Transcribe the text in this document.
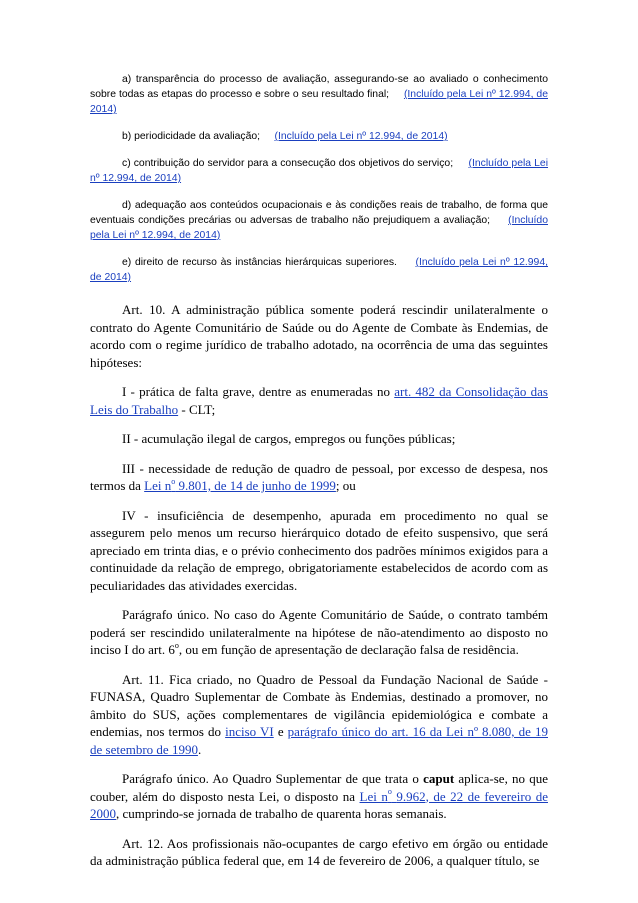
a) transparência do processo de avaliação, assegurando-se ao avaliado o conhecimento sobre todas as etapas do processo e sobre o seu resultado final; (Incluído pela Lei nº 12.994, de 2014)

b) periodicidade da avaliação; (Incluído pela Lei nº 12.994, de 2014)

c) contribuição do servidor para a consecução dos objetivos do serviço; (Incluído pela Lei nº 12.994, de 2014)

d) adequação aos conteúdos ocupacionais e às condições reais de trabalho, de forma que eventuais condições precárias ou adversas de trabalho não prejudiquem a avaliação; (Incluído pela Lei nº 12.994, de 2014)

e) direito de recurso às instâncias hierárquicas superiores. (Incluído pela Lei nº 12.994, de 2014)

Art. 10. A administração pública somente poderá rescindir unilateralmente o contrato do Agente Comunitário de Saúde ou do Agente de Combate às Endemias, de acordo com o regime jurídico de trabalho adotado, na ocorrência de uma das seguintes hipóteses:

I - prática de falta grave, dentre as enumeradas no art. 482 da Consolidação das Leis do Trabalho - CLT;

II - acumulação ilegal de cargos, empregos ou funções públicas;

III - necessidade de redução de quadro de pessoal, por excesso de despesa, nos termos da Lei $n^o$ 9.801, de 14 de junho de 1999; ou

IV - insuficiência de desempenho, apurada em procedimento no qual se assegurem pelo menos um recurso hierárquico dotado de efeito suspensivo, que será apreciado em trinta dias, e o prévio conhecimento dos padrões mínimos exigidos para a continuidade da relação de emprego, obrigatoriamente estabelecidos de acordo com as peculiaridades das atividades exercidas.

Parágrafo único. No caso do Agente Comunitário de Saúde, o contrato também poderá ser rescindido unilateralmente na hipótese de não-atendimento ao disposto no inciso I do art. 6$^o$, ou em função de apresentação de declaração falsa de residência.

Art. 11. Fica criado, no Quadro de Pessoal da Fundação Nacional de Saúde - FUNASA, Quadro Suplementar de Combate às Endemias, destinado a promover, no âmbito do SUS, ações complementares de vigilância epidemiológica e combate a endemias, nos termos do inciso VI e parágrafo único do art. 16 da Lei nº 8.080, de 19 de setembro de 1990.

Parágrafo único. Ao Quadro Suplementar de que trata o caput aplica-se, no que couber, além do disposto nesta Lei, o disposto na Lei $n^o$ 9.962, de 22 de fevereiro de 2000, cumprindo-se jornada de trabalho de quarenta horas semanais.

Art. 12. Aos profissionais não-ocupantes de cargo efetivo em órgão ou entidade da administração pública federal que, em 14 de fevereiro de 2006, a qualquer título, se
